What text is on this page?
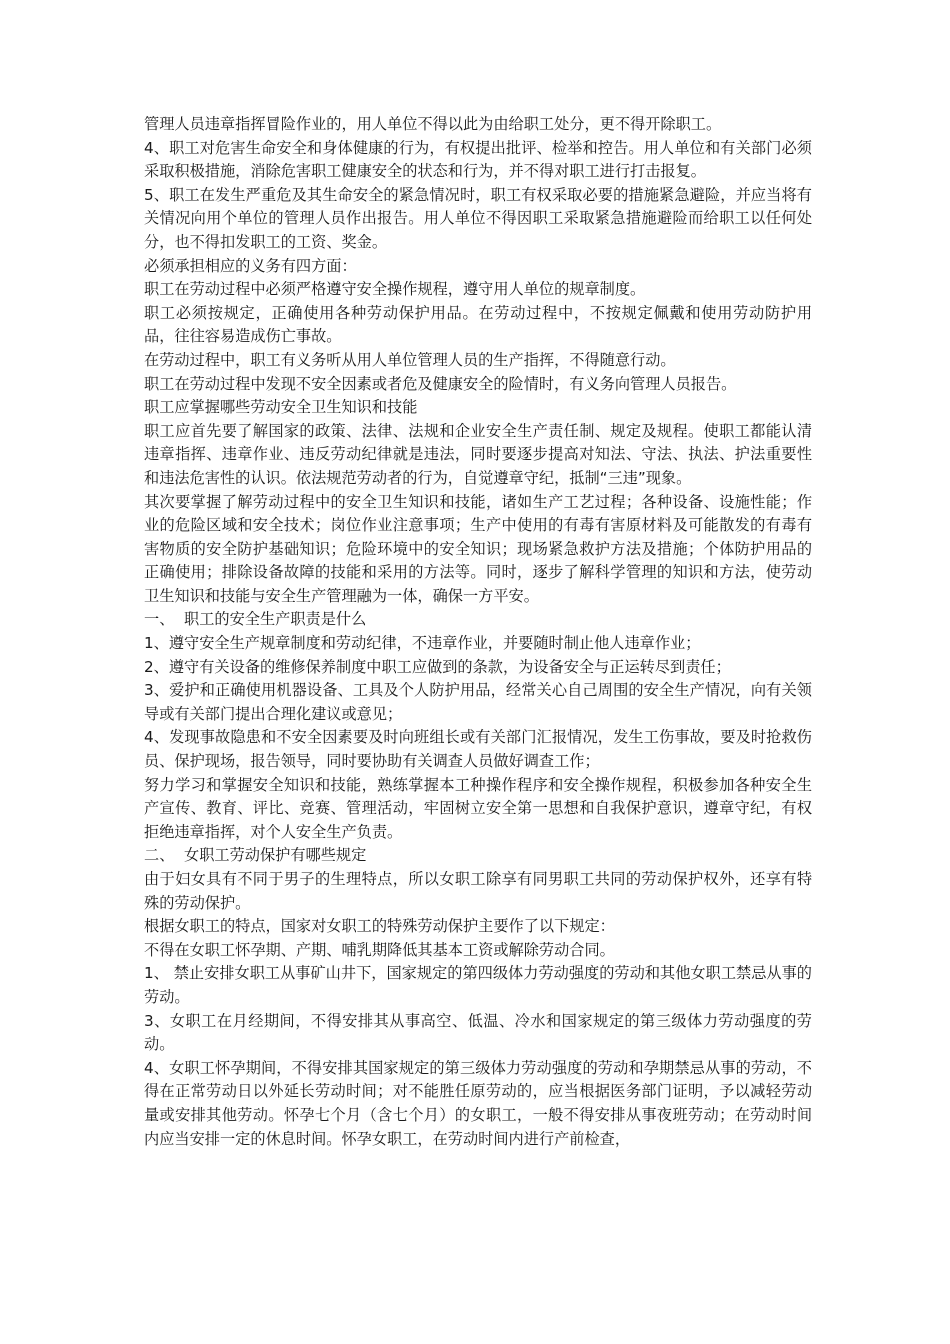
管理人员违章指挥冒险作业的，用人单位不得以此为由给职工处分，更不得开除职工。

4、职工对危害生命安全和身体健康的行为，有权提出批评、检举和控告。用人单位和有关部门必须采取积极措施，消除危害职工健康安全的状态和行为，并不得对职工进行打击报复。

5、职工在发生严重危及其生命安全的紧急情况时，职工有权采取必要的措施紧急避险，并应当将有关情况向用个单位的管理人员作出报告。用人单位不得因职工采取紧急措施避险而给职工以任何处分，也不得扣发职工的工资、奖金。

必须承担相应的义务有四方面：

职工在劳动过程中必须严格遵守安全操作规程，遵守用人单位的规章制度。

职工必须按规定，正确使用各种劳动保护用品。在劳动过程中，不按规定佩戴和使用劳动防护用品，往往容易造成伤亡事故。

在劳动过程中，职工有义务听从用人单位管理人员的生产指挥，不得随意行动。

职工在劳动过程中发现不安全因素或者危及健康安全的险情时，有义务向管理人员报告。

职工应掌握哪些劳动安全卫生知识和技能

职工应首先要了解国家的政策、法律、法规和企业安全生产责任制、规定及规程。使职工都能认清违章指挥、违章作业、违反劳动纪律就是违法，同时要逐步提高对知法、守法、执法、护法重要性和违法危害性的认识。依法规范劳动者的行为，自觉遵章守纪，抵制“三违”现象。

其次要掌握了解劳动过程中的安全卫生知识和技能，诸如生产工艺过程；各种设备、设施性能；作业的危险区域和安全技术；岗位作业注意事项；生产中使用的有毒有害原材料及可能散发的有毒有害物质的安全防护基础知识；危险环境中的安全知识；现场紧急救护方法及措施；个体防护用品的正确使用；排除设备故障的技能和采用的方法等。同时，逐步了解科学管理的知识和方法，使劳动卫生知识和技能与安全生产管理融为一体，确保一方平安。

一、  职工的安全生产职责是什么

1、遵守安全生产规章制度和劳动纪律，不违章作业，并要随时制止他人违章作业；

2、遵守有关设备的维修保养制度中职工应做到的条款，为设备安全与正运转尽到责任；

3、爱护和正确使用机器设备、工具及个人防护用品，经常关心自己周围的安全生产情况，向有关领导或有关部门提出合理化建议或意见；

4、发现事故隐患和不安全因素要及时向班组长或有关部门汇报情况，发生工伤事故，要及时抢救伤员、保护现场，报告领导，同时要协助有关调查人员做好调查工作；

努力学习和掌握安全知识和技能，熟练掌握本工种操作程序和安全操作规程，积极参加各种安全生产宣传、教育、评比、竞赛、管理活动，牢固树立安全第一思想和自我保护意识，遵章守纪，有权拒绝违章指挥，对个人安全生产负责。

二、  女职工劳动保护有哪些规定

由于妇女具有不同于男子的生理特点，所以女职工除享有同男职工共同的劳动保护权外，还享有特殊的劳动保护。

根据女职工的特点，国家对女职工的特殊劳动保护主要作了以下规定：

不得在女职工怀孕期、产期、哺乳期降低其基本工资或解除劳动合同。

1、 禁止安排女职工从事矿山井下，国家规定的第四级体力劳动强度的劳动和其他女职工禁忌从事的劳动。

3、女职工在月经期间，不得安排其从事高空、低温、冷水和国家规定的第三级体力劳动强度的劳动。

4、女职工怀孕期间，不得安排其国家规定的第三级体力劳动强度的劳动和孕期禁忌从事的劳动，不得在正常劳动日以外延长劳动时间；对不能胜任原劳动的，应当根据医务部门证明，予以减轻劳动量或安排其他劳动。怀孕七个月（含七个月）的女职工，一般不得安排从事夜班劳动；在劳动时间内应当安排一定的休息时间。怀孕女职工，在劳动时间内进行产前检查，
